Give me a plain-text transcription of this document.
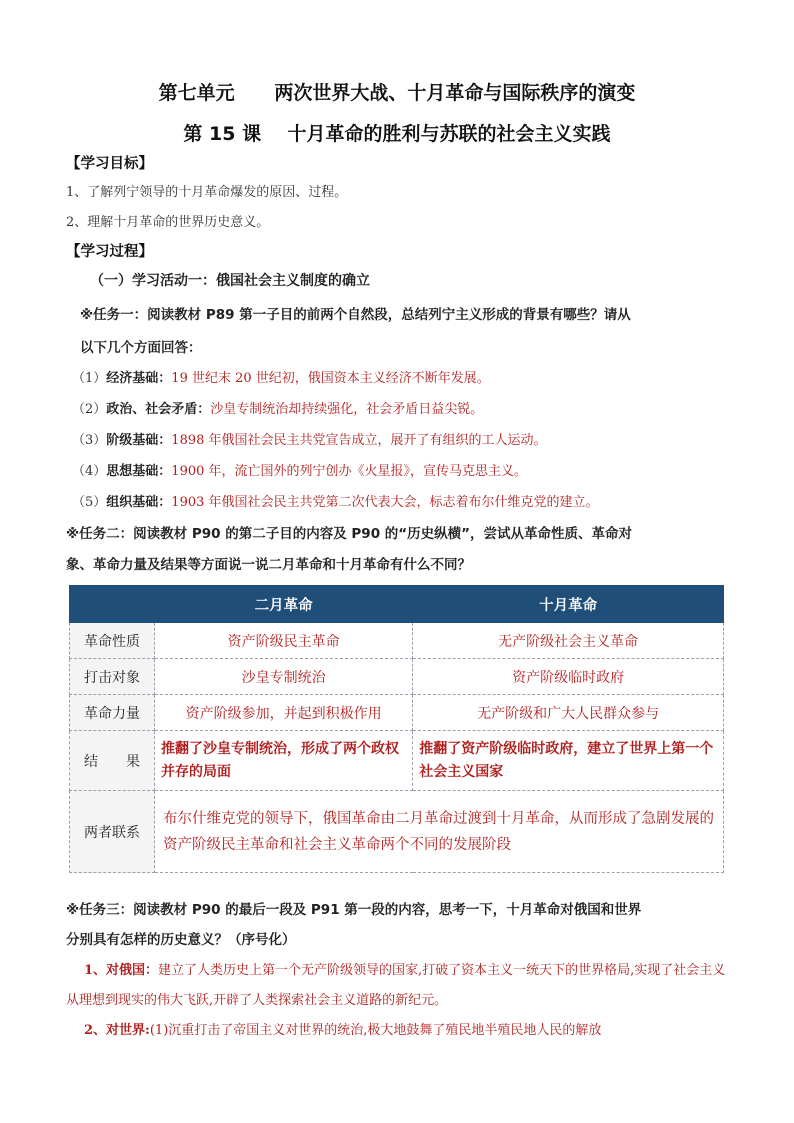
第七单元      两次世界大战、十月革命与国际秩序的演变
第 15 课    十月革命的胜利与苏联的社会主义实践
【学习目标】
1、了解列宁领导的十月革命爆发的原因、过程。
2、理解十月革命的世界历史意义。
【学习过程】
（一）学习活动一：俄国社会主义制度的确立
※任务一：阅读教材 P89 第一子目的前两个自然段，总结列宁主义形成的背景有哪些？请从
以下几个方面回答：
（1）经济基础：19 世纪末 20 世纪初，俄国资本主义经济不断年发展。
（2）政治、社会矛盾：沙皇专制统治却持续强化，社会矛盾日益尖锐。
（3）阶级基础：1898 年俄国社会民主共党宣告成立，展开了有组织的工人运动。
（4）思想基础：1900 年，流亡国外的列宁创办《火星报》，宣传马克思主义。
（5）组织基础：1903 年俄国社会民主共党第二次代表大会，标志着布尔什维克党的建立。
※任务二：阅读教材 P90 的第二子目的内容及 P90 的“历史纵横”，尝试从革命性质、革命对
象、革命力量及结果等方面说一说二月革命和十月革命有什么不同？
	二月革命	十月革命
革命性质	资产阶级民主革命	无产阶级社会主义革命
打击对象	沙皇专制统治	资产阶级临时政府
革命力量	资产阶级参加，并起到积极作用	无产阶级和广大人民群众参与
结　　果	推翻了沙皇专制统治，形成了两个政权并存的局面	推翻了资产阶级临时政府，建立了世界上第一个社会主义国家
两者联系	布尔什维克党的领导下，俄国革命由二月革命过渡到十月革命，从而形成了急剧发展的资产阶级民主革命和社会主义革命两个不同的发展阶段	
※任务三：阅读教材 P90 的最后一段及 P91 第一段的内容，思考一下，十月革命对俄国和世界
分别具有怎样的历史意义？（序号化）
1、对俄国：建立了人类历史上第一个无产阶级领导的国家,打破了资本主义一统天下的世界格局,实现了社会主义从理想到现实的伟大飞跃,开辟了人类探索社会主义道路的新纪元。
2、对世界:(1)沉重打击了帝国主义对世界的统治,极大地鼓舞了殖民地半殖民地人民的解放
